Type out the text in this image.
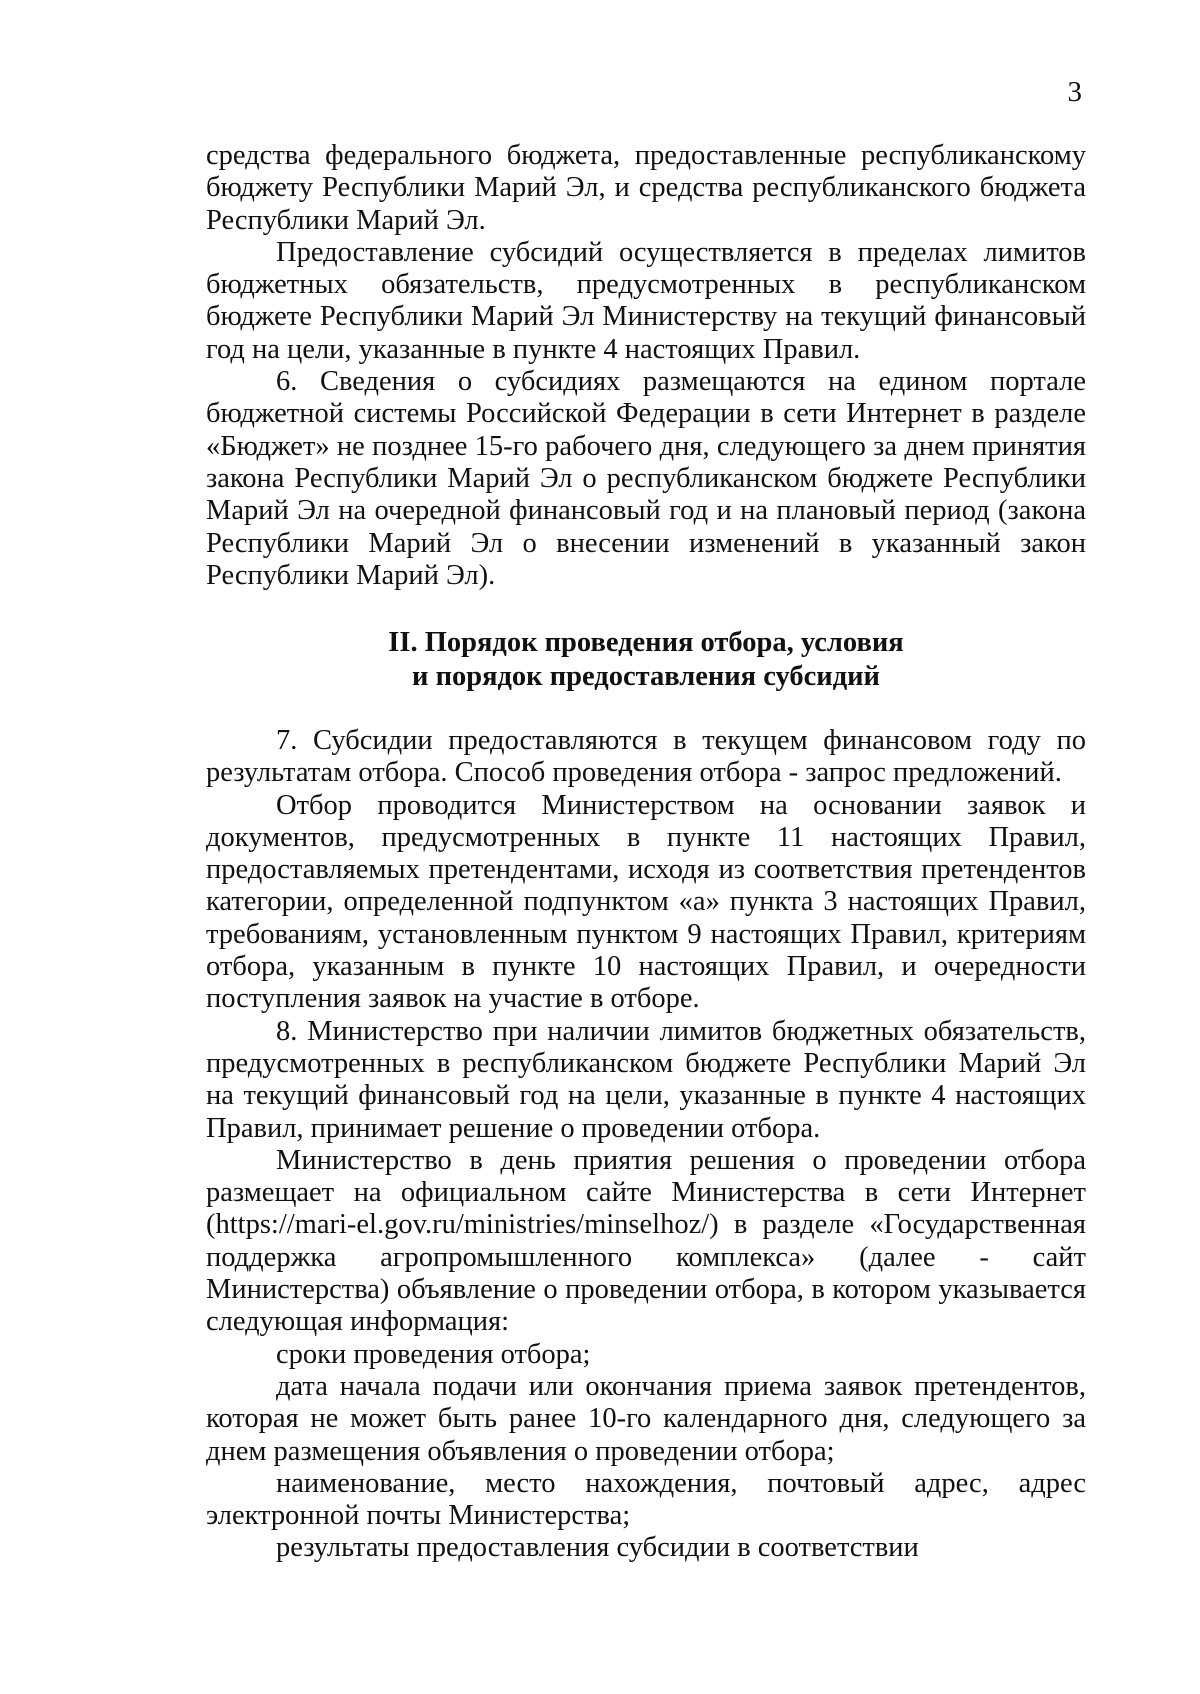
3

средства федерального бюджета, предоставленные республиканскому бюджету Республики Марий Эл, и средства республиканского бюджета Республики Марий Эл.

Предоставление субсидий осуществляется в пределах лимитов бюджетных обязательств, предусмотренных в республиканском бюджете Республики Марий Эл Министерству на текущий финансовый год на цели, указанные в пункте 4 настоящих Правил.

6. Сведения о субсидиях размещаются на едином портале бюджетной системы Российской Федерации в сети Интернет в разделе «Бюджет» не позднее 15-го рабочего дня, следующего за днем принятия закона Республики Марий Эл о республиканском бюджете Республики Марий Эл на очередной финансовый год и на плановый период (закона Республики Марий Эл о внесении изменений в указанный закон Республики Марий Эл).

II. Порядок проведения отбора, условия
и порядок предоставления субсидий

7. Субсидии предоставляются в текущем финансовом году по результатам отбора. Способ проведения отбора - запрос предложений.

Отбор проводится Министерством на основании заявок и документов, предусмотренных в пункте 11 настоящих Правил, предоставляемых претендентами, исходя из соответствия претендентов категории, определенной подпунктом «а» пункта 3 настоящих Правил, требованиям, установленным пунктом 9 настоящих Правил, критериям отбора, указанным в пункте 10 настоящих Правил, и очередности поступления заявок на участие в отборе.

8. Министерство при наличии лимитов бюджетных обязательств, предусмотренных в республиканском бюджете Республики Марий Эл на текущий финансовый год на цели, указанные в пункте 4 настоящих Правил, принимает решение о проведении отбора.

Министерство в день приятия решения о проведении отбора размещает на официальном сайте Министерства в сети Интернет (https://mari-el.gov.ru/ministries/minselhoz/) в разделе «Государственная поддержка агропромышленного комплекса» (далее - сайт Министерства) объявление о проведении отбора, в котором указывается следующая информация:

сроки проведения отбора;

дата начала подачи или окончания приема заявок претендентов, которая не может быть ранее 10-го календарного дня, следующего за днем размещения объявления о проведении отбора;

наименование, место нахождения, почтовый адрес, адрес электронной почты Министерства;

результаты предоставления субсидии в соответствии
